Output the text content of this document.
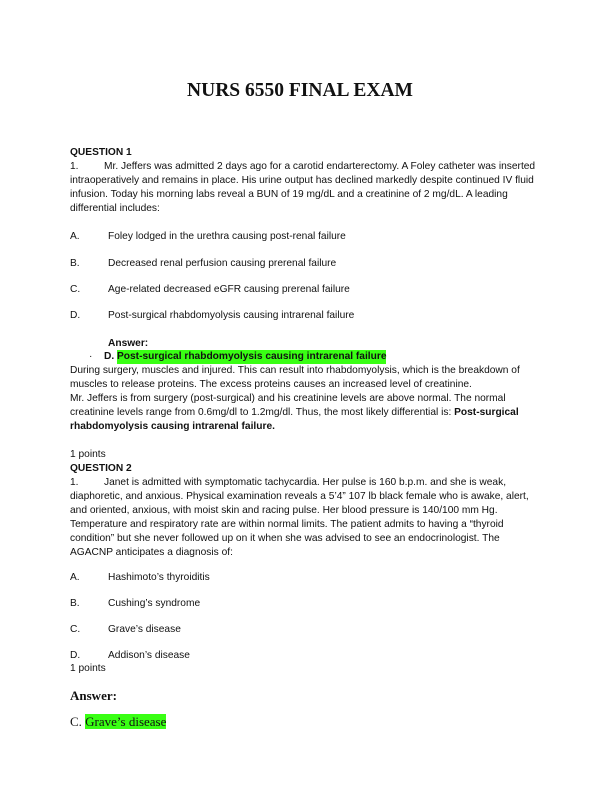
NURS 6550 FINAL EXAM
QUESTION 1
1.	Mr. Jeffers was admitted 2 days ago for a carotid endarterectomy. A Foley catheter was inserted
intraoperatively and remains in place. His urine output has declined markedly despite continued IV fluid infusion. Today his morning labs reveal a BUN of 19 mg/dL and a creatinine of 2 mg/dL. A leading differential includes:
A.	Foley lodged in the urethra causing post-renal failure
B.	Decreased renal perfusion causing prerenal failure
C.	Age-related decreased eGFR causing prerenal failure
D.	Post-surgical rhabdomyolysis causing intrarenal failure
Answer:
· D. Post-surgical rhabdomyolysis causing intrarenal failure
During surgery, muscles and injured. This can result into rhabdomyolysis, which is the breakdown of muscles to release proteins. The excess proteins causes an increased level of creatinine.
Mr. Jeffers is from surgery (post-surgical) and his creatinine levels are above normal. The normal creatinine levels range from 0.6mg/dl to 1.2mg/dl. Thus, the most likely differential is: Post-surgical rhabdomyolysis causing intrarenal failure.
1 points
QUESTION 2
1.	Janet is admitted with symptomatic tachycardia. Her pulse is 160 b.p.m. and she is weak,
diaphoretic, and anxious. Physical examination reveals a 5’4” 107 lb black female who is awake, alert, and oriented, anxious, with moist skin and racing pulse. Her blood pressure is 140/100 mm Hg. Temperature and respiratory rate are within normal limits. The patient admits to having a “thyroid condition” but she never followed up on it when she was advised to see an endocrinologist. The AGACNP anticipates a diagnosis of:
A.	Hashimoto’s thyroiditis
B.	Cushing’s syndrome
C.	Grave’s disease
D.	Addison’s disease
1 points
Answer:
C. Grave’s disease
